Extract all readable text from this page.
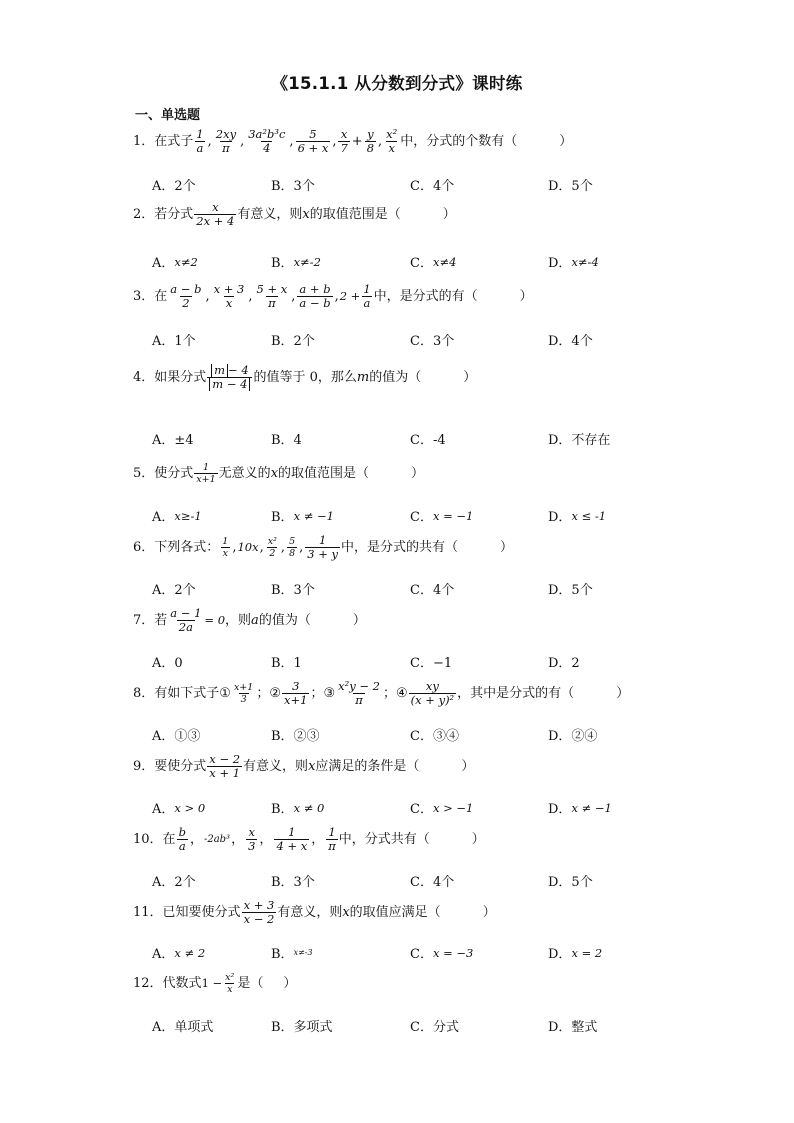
《15.1.1 从分数到分式》课时练
一、单选题
1． 在式子 $\frac{1}{a}$ , $\frac{2xy}{\pi}$ , $\frac{\text{3a²b³c}}{4}$ , $\frac{5}{6 + x}$ , $\frac{x}{7} + \frac{y}{8}$ , $\frac{\text{x²}}{x}$ 中，分式的个数有（	）
A．2个	B．3个	C．4个	D．5个
2． 若分式 $\frac{x}{2x + 4}$ 有意义，则 x 的取值范围是（	）
A． x≠2	B． x≠-2	C． x≠4	D． x≠-4
3． 在 $\frac{a - b}{2}$ , $\frac{x + 3}{x}$ , $\frac{5 + x}{\pi}$ , $\frac{a + b}{a - b}$ , $2 + \frac{1}{a}$ 中，是分式的有（	）
A．1个	B．2个	C．3个	D．4个
4． 如果分式 $\frac{m - 4}{m - 4}$ 的值等于 0，那么 m 的值为（	）
A．±4	B．4	C．-4	D．不存在
5． 使分式 $\frac{1}{x+1}$ 无意义的 x 的取值范围是（	）
A． x≥-1	B． x ≠ −1	C． x = −1	D． x ≤ -1
6． 下列各式： $\frac{1}{x}$ , 10x , $\frac{\text{x²}}{2}$ , $\frac{5}{8}$ , $\frac{1}{3 + y}$ 中，是分式的共有（	）
A．2个	B．3个	C．4个	D．5个
7． 若 $\frac{a - 1}{2a} = 0$ ，则 a 的值为（	）
A．0	B．1	C．−1	D．2
8． 有如下式子 ① $\frac{x+1}{3}$ ； ② $\frac{3}{x+1}$ ； ③ $\frac{\text{x²y − 2}}{\pi}$ ； ④ $\frac{xy}{\text{(x + y)²}}$ ，其中是分式的有（	）
A．①③	B．②③	C．③④	D．②④
9． 要使分式 $\frac{x - 2}{x + 1}$ 有意义，则 x 应满足的条件是（	）
A． x > 0	B． x ≠ 0	C． x > −1	D． x ≠ −1
10． 在 $\frac{b}{a}$ ， -2ab³ ， $\frac{x}{3}$ ， $\frac{1}{4 + x}$ ， $\frac{1}{\pi}$ 中，分式共有（	）
A．2个	B．3个	C．4个	D．5个
11． 已知要使分式 $\frac{x + 3}{x - 2}$ 有意义，则 x 的取值应满足（	）
A． x ≠ 2	B． x≠-3	C． x = −3	D． x = 2
12． 代数式 $1 - \frac{\text{x²}}{x}$ 是（ ）
A．单项式	B．多项式	C．分式	D．整式
